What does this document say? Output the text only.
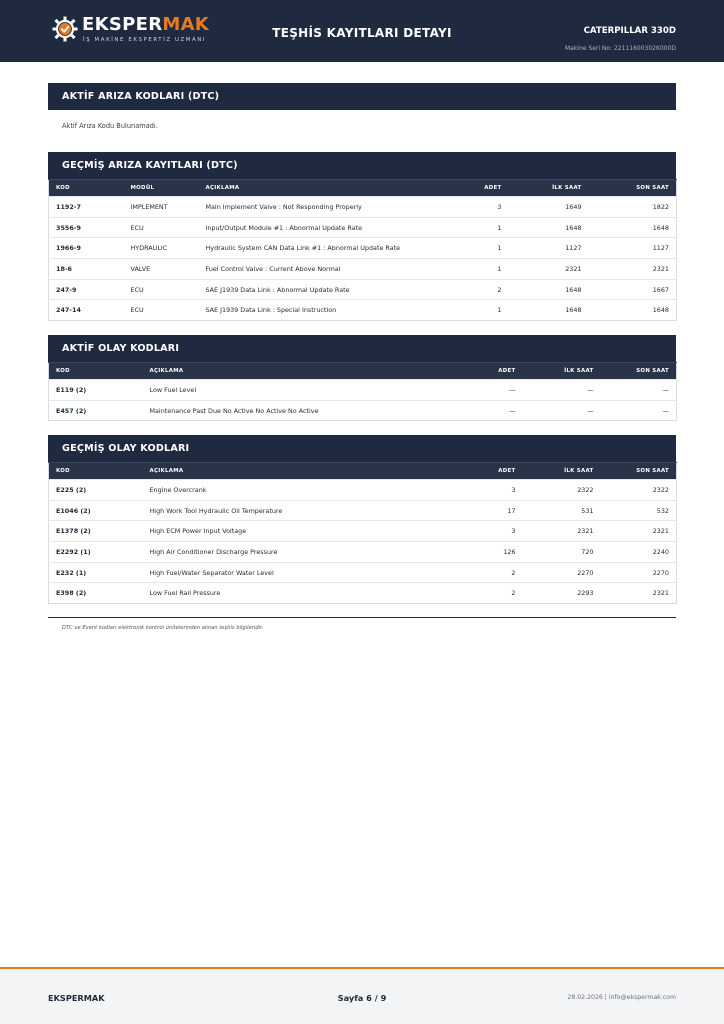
EKSPERMAK
İŞ MAKİNE EKSPERTİZ UZMANI	TEŞHİS KAYITLARI DETAYI	CATERPILLAR 330D
Makine Seri No: 22111600302K000D
AKTİF ARIZA KODLARI (DTC)
Aktif Arıza Kodu Bulunamadı.
GEÇMİŞ ARIZA KAYITLARI (DTC)
KOD	MODÜL	AÇIKLAMA	ADET	İLK SAAT	SON SAAT
1192-7	IMPLEMENT	Main Implement Valve : Not Responding Properly	3	1649	1822
3556-9	ECU	Input/Output Module #1 : Abnormal Update Rate	1	1648	1648
1966-9	HYDRAULIC	Hydraulic System CAN Data Link #1 : Abnormal Update Rate	1	1127	1127
18-6	VALVE	Fuel Control Valve : Current Above Normal	1	2321	2321
247-9	ECU	SAE J1939 Data Link : Abnormal Update Rate	2	1648	1667
247-14	ECU	SAE J1939 Data Link : Special Instruction	1	1648	1648
AKTİF OLAY KODLARI
KOD	AÇIKLAMA	ADET	İLK SAAT	SON SAAT
E119 (2)	Low Fuel Level	—	—	—
E457 (2)	Maintenance Past Due No Active No Active No Active	—	—	—
GEÇMİŞ OLAY KODLARI
KOD	AÇIKLAMA	ADET	İLK SAAT	SON SAAT
E225 (2)	Engine Overcrank	3	2322	2322
E1046 (2)	High Work Tool Hydraulic Oil Temperature	17	531	532
E1378 (2)	High ECM Power Input Voltage	3	2321	2321
E2292 (1)	High Air Conditioner Discharge Pressure	126	720	2240
E232 (1)	High Fuel/Water Separator Water Level	2	2270	2270
E398 (2)	Low Fuel Rail Pressure	2	2293	2321
DTC ve Event kodları elektronik kontrol ünitelerinden alınan teşhis bilgileridir.
EKSPERMAK	Sayfa 6 / 9	28.02.2026 | info@ekspermak.com
